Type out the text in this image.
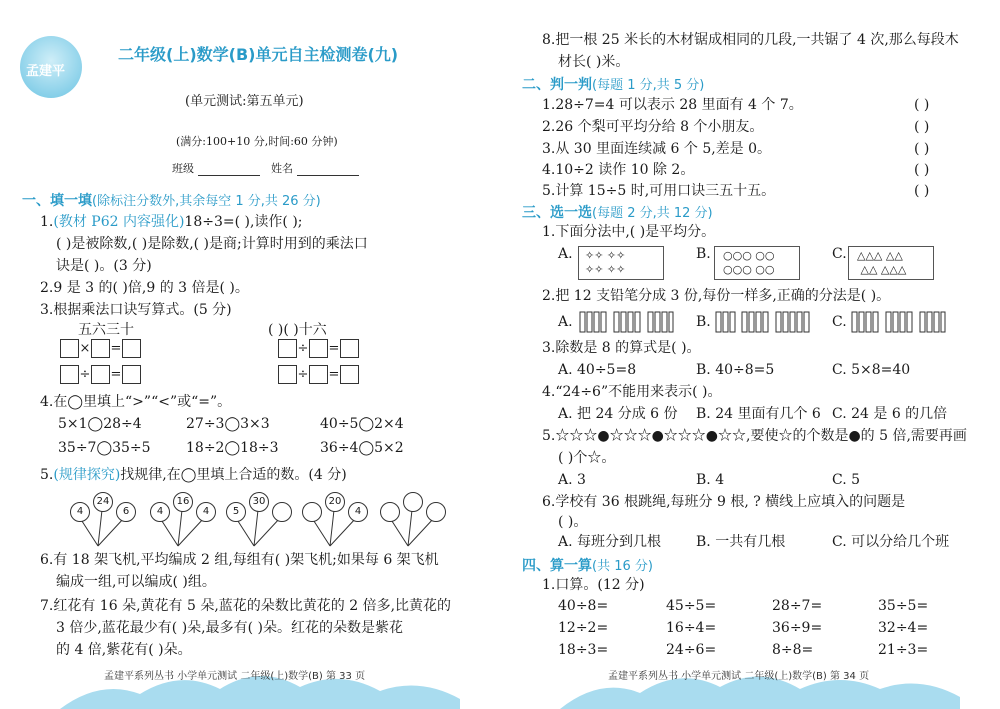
孟建平
二年级(上)数学(B)单元自主检测卷(九)
(单元测试:第五单元)
(满分:100+10 分,时间:60 分钟)
班级	姓名
一、填一填(除标注分数外,其余每空 1 分,共 26 分)
1.(教材 P62 内容强化)18÷3=( ),读作( );
( )是被除数,( )是除数,( )是商;计算时用到的乘法口
诀是( )。(3 分)
2.9 是 3 的( )倍,9 的 3 倍是( )。
3.根据乘法口诀写算式。(5 分)
五六三十	( )( )十六
× =
÷ =
÷ =
÷ =
4.在◯里填上“>”“<”或“=”。
5×1◯28÷4	27÷3◯3×3	40÷5◯2×4
35÷7◯35÷5	18÷2◯18÷3	36÷4◯5×2
5.(规律探究)找规律,在◯里填上合适的数。(4 分)
4
24
6	4
16
4	5
30	20
4
6.有 18 架飞机,平均编成 2 组,每组有( )架飞机;如果每 6 架飞机
编成一组,可以编成( )组。
7.红花有 16 朵,黄花有 5 朵,蓝花的朵数比黄花的 2 倍多,比黄花的
3 倍少,蓝花最少有( )朵,最多有( )朵。红花的朵数是紫花
的 4 倍,紫花有( )朵。
孟建平系列丛书 小学单元测试 二年级(上)数学(B) 第 33 页
8.把一根 25 米长的木材锯成相同的几段,一共锯了 4 次,那么每段木
材长( )米。
二、判一判(每题 1 分,共 5 分)
1.28÷7=4 可以表示 28 里面有 4 个 7。	( )
2.26 个梨可平均分给 8 个小朋友。	( )
3.从 30 里面连续减 6 个 5,差是 0。	( )
4.10÷2 读作 10 除 2。	( )
5.计算 15÷5 时,可用口诀三五十五。	( )
三、选一选(每题 2 分,共 12 分)
1.下面分法中,( )是平均分。
A.	✧✧ ✧✧
✧✧ ✧✧
B.	○○○ ○○
○○○ ○○
C. △△△ △△
△△ △△△
2.把 12 支铅笔分成 3 份,每份一样多,正确的分法是( )。
A.	B.	C.
3.除数是 8 的算式是( )。
A. 40÷5=8	B. 40÷8=5	C. 5×8=40
4.“24÷6”不能用来表示( )。
A. 把 24 分成 6 份 B. 24 里面有几个 6 C. 24 是 6 的几倍
5.☆☆☆●☆☆☆●☆☆☆●☆☆,要使☆的个数是●的 5 倍,需要再画
( )个☆。
A. 3	B. 4	C. 5
6.学校有 36 根跳绳,每班分 9 根, ? 横线上应填入的问题是
( )。
A. 每班分到几根 B. 一共有几根	C. 可以分给几个班
四、算一算(共 16 分)
1.口算。(12 分)
40÷8=	45÷5=	28÷7=	35÷5=
12÷2=	16÷4=	36÷9=	32÷4=
18÷3=	24÷6=	8÷8=	21÷3=
孟建平系列丛书 小学单元测试 二年级(上)数学(B) 第 34 页
